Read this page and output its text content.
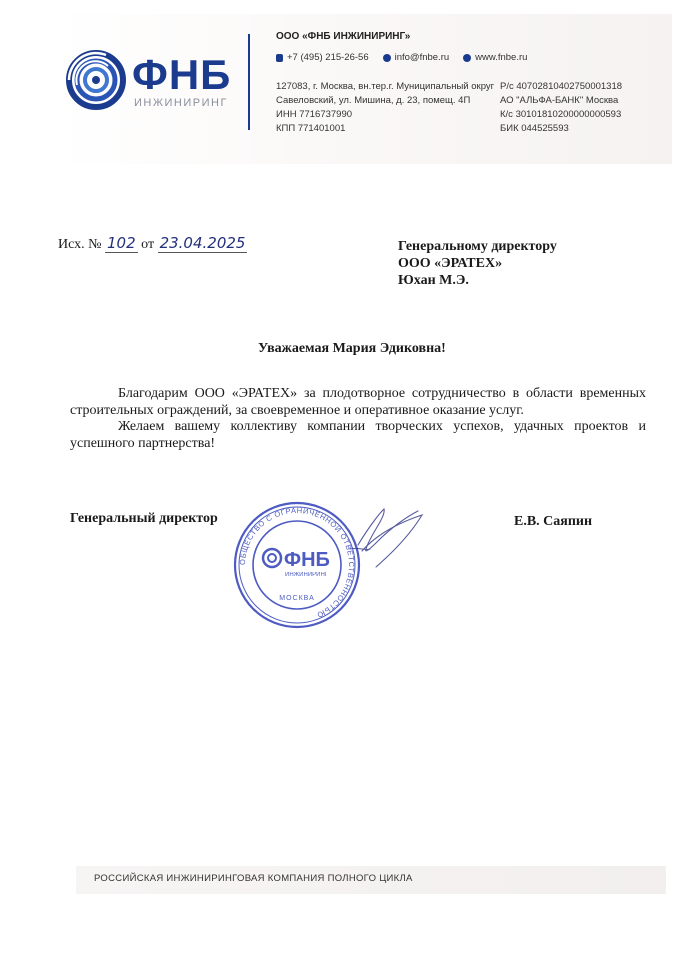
ФНБ
ИНЖИНИРИНГ
ООО «ФНБ ИНЖИНИРИНГ»
+7 (495) 215-26-56	info@fnbe.ru	www.fnbe.ru
127083, г. Москва, вн.тер.г. Муниципальный округ
Савеловский, ул. Мишина, д. 23, помещ. 4П
ИНН 7716737990
КПП 771401001
Р/с 40702810402750001318
АО "АЛЬФА-БАНК" Москва
К/с 30101810200000000593
БИК 044525593
Исх. № 102 от 23.04.2025	Генеральному директору
ООО «ЭРАТЕХ»
Юхан М.Э.
Уважаемая Мария Эдиковна!

Благодарим ООО «ЭРАТЕХ» за плодотворное сотрудничество в области временных строительных ограждений, за своевременное и оперативное оказание услуг.

Желаем вашему коллективу компании творческих успехов, удачных проектов и успешного партнерства!

Генеральный директор	Е.В. Саяпин
ОБЩЕСТВО С ОГРАНИЧЕННОЙ ОТВЕТСТВЕННОСТЬЮ
ФНБ
ИНЖИНИРИНГ
МОСКВА
РОССИЙСКАЯ ИНЖИНИРИНГОВАЯ КОМПАНИЯ ПОЛНОГО ЦИКЛА
